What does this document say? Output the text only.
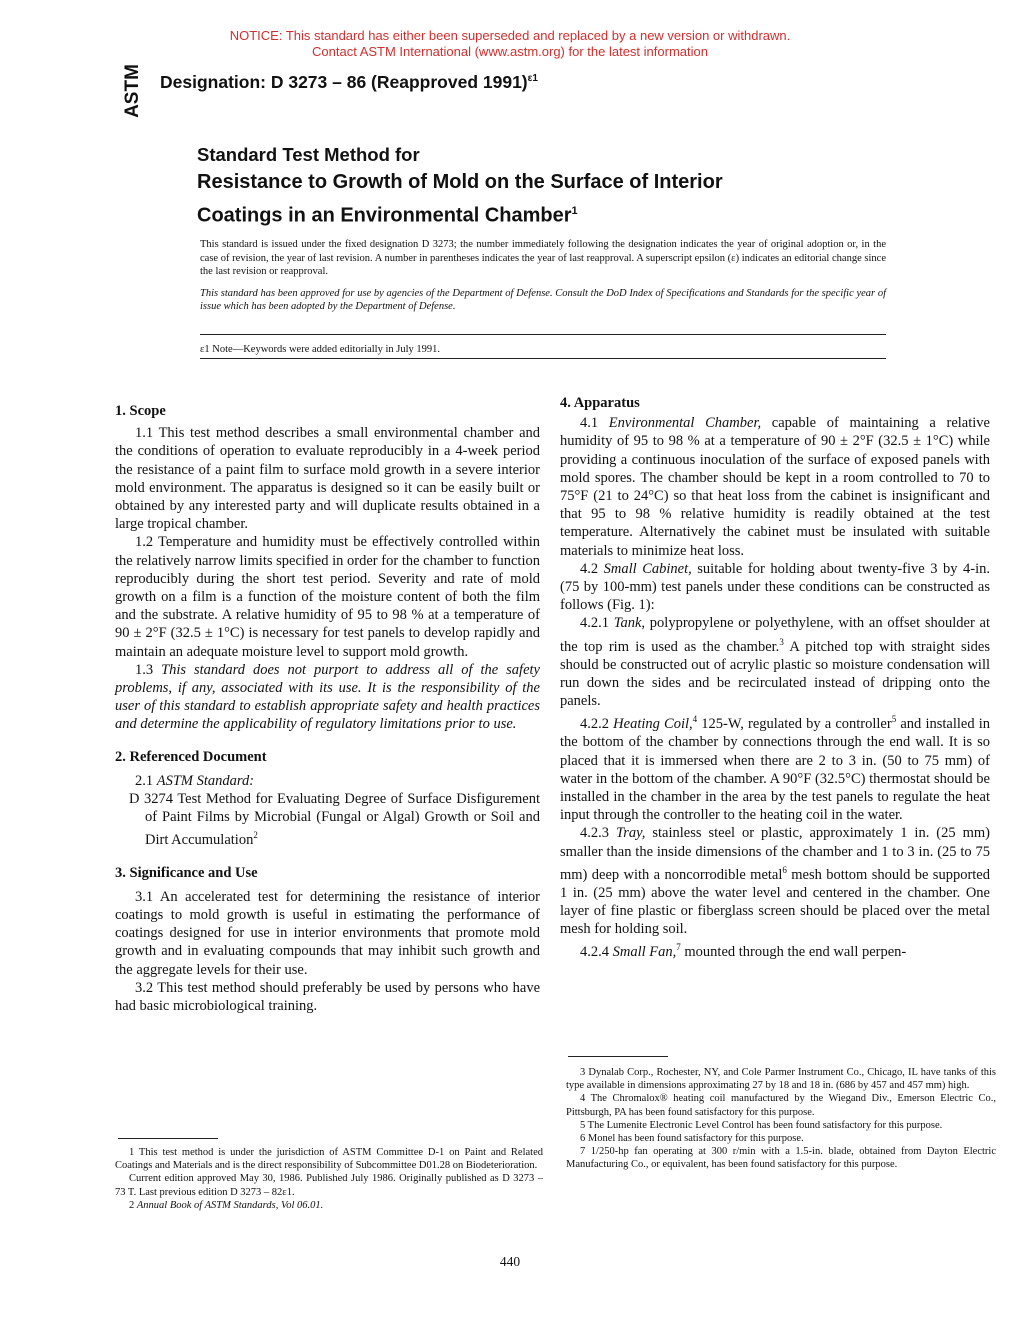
NOTICE: This standard has either been superseded and replaced by a new version or withdrawn.
Contact ASTM International (www.astm.org) for the latest information
ASTM Designation: D 3273 – 86 (Reapproved 1991)$^{\varepsilon 1}$
Standard Test Method for
Resistance to Growth of Mold on the Surface of Interior
Coatings in an Environmental Chamber$^1$

This standard is issued under the fixed designation D 3273; the number immediately following the designation indicates the year of original adoption or, in the case of revision, the year of last revision. A number in parentheses indicates the year of last reapproval. A superscript epsilon (ε) indicates an editorial change since the last revision or reapproval.

This standard has been approved for use by agencies of the Department of Defense. Consult the DoD Index of Specifications and Standards for the specific year of issue which has been adopted by the Department of Defense.

ε1 Note—Keywords were added editorially in July 1991.
1. Scope

1.1 This test method describes a small environmental chamber and the conditions of operation to evaluate reproducibly in a 4-week period the resistance of a paint film to surface mold growth in a severe interior mold environment. The apparatus is designed so it can be easily built or obtained by any interested party and will duplicate results obtained in a large tropical chamber.

1.2 Temperature and humidity must be effectively controlled within the relatively narrow limits specified in order for the chamber to function reproducibly during the short test period. Severity and rate of mold growth on a film is a function of the moisture content of both the film and the substrate. A relative humidity of 95 to 98 % at a temperature of 90 ± 2°F (32.5 ± 1°C) is necessary for test panels to develop rapidly and maintain an adequate moisture level to support mold growth.

1.3 This standard does not purport to address all of the safety problems, if any, associated with its use. It is the responsibility of the user of this standard to establish appropriate safety and health practices and determine the applicability of regulatory limitations prior to use.

2. Referenced Document

2.1 ASTM Standard:

D 3274 Test Method for Evaluating Degree of Surface Disfigurement of Paint Films by Microbial (Fungal or Algal) Growth or Soil and Dirt Accumulation$^2$

3. Significance and Use

3.1 An accelerated test for determining the resistance of interior coatings to mold growth is useful in estimating the performance of coatings designed for use in interior environments that promote mold growth and in evaluating compounds that may inhibit such growth and the aggregate levels for their use.

3.2 This test method should preferably be used by persons who have had basic microbiological training.

1 This test method is under the jurisdiction of ASTM Committee D-1 on Paint and Related Coatings and Materials and is the direct responsibility of Subcommittee D01.28 on Biodeterioration.

Current edition approved May 30, 1986. Published July 1986. Originally published as D 3273 – 73 T. Last previous edition D 3273 – 82ε1.

2 Annual Book of ASTM Standards, Vol 06.01.

4. Apparatus

4.1 Environmental Chamber, capable of maintaining a relative humidity of 95 to 98 % at a temperature of 90 ± 2°F (32.5 ± 1°C) while providing a continuous inoculation of the surface of exposed panels with mold spores. The chamber should be kept in a room controlled to 70 to 75°F (21 to 24°C) so that heat loss from the cabinet is insignificant and that 95 to 98 % relative humidity is readily obtained at the test temperature. Alternatively the cabinet must be insulated with suitable materials to minimize heat loss.

4.2 Small Cabinet, suitable for holding about twenty-five 3 by 4-in. (75 by 100-mm) test panels under these conditions can be constructed as follows (Fig. 1):

4.2.1 Tank, polypropylene or polyethylene, with an offset shoulder at the top rim is used as the chamber.$^3$ A pitched top with straight sides should be constructed out of acrylic plastic so moisture condensation will run down the sides and be recirculated instead of dripping onto the panels.

4.2.2 Heating Coil,$^4$ 125-W, regulated by a controller$^5$ and installed in the bottom of the chamber by connections through the end wall. It is so placed that it is immersed when there are 2 to 3 in. (50 to 75 mm) of water in the bottom of the chamber. A 90°F (32.5°C) thermostat should be installed in the chamber in the area by the test panels to regulate the heat input through the controller to the heating coil in the water.

4.2.3 Tray, stainless steel or plastic, approximately 1 in. (25 mm) smaller than the inside dimensions of the chamber and 1 to 3 in. (25 to 75 mm) deep with a noncorrodible metal$^6$ mesh bottom should be supported 1 in. (25 mm) above the water level and centered in the chamber. One layer of fine plastic or fiberglass screen should be placed over the metal mesh for holding soil.

4.2.4 Small Fan,$^7$ mounted through the end wall perpen-

3 Dynalab Corp., Rochester, NY, and Cole Parmer Instrument Co., Chicago, IL have tanks of this type available in dimensions approximating 27 by 18 and 18 in. (686 by 457 and 457 mm) high.

4 The Chromalox® heating coil manufactured by the Wiegand Div., Emerson Electric Co., Pittsburgh, PA has been found satisfactory for this purpose.

5 The Lumenite Electronic Level Control has been found satisfactory for this purpose.

6 Monel has been found satisfactory for this purpose.

7 1/250-hp fan operating at 300 r/min with a 1.5-in. blade, obtained from Dayton Electric Manufacturing Co., or equivalent, has been found satisfactory for this purpose.

440
